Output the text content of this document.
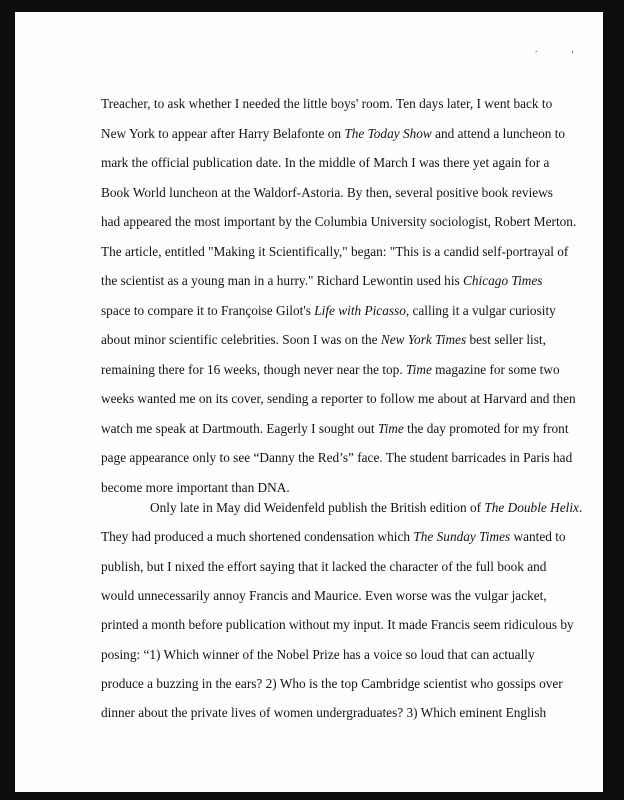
. ,
Treacher, to ask whether I needed the little boys' room. Ten days later, I went back to
New York to appear after Harry Belafonte on The Today Show and attend a luncheon to
mark the official publication date. In the middle of March I was there yet again for a
Book World luncheon at the Waldorf-Astoria. By then, several positive book reviews
had appeared the most important by the Columbia University sociologist, Robert Merton.
The article, entitled "Making it Scientifically," began: "This is a candid self-portrayal of
the scientist as a young man in a hurry." Richard Lewontin used his Chicago Times
space to compare it to Françoise Gilot's Life with Picasso, calling it a vulgar curiosity
about minor scientific celebrities. Soon I was on the New York Times best seller list,
remaining there for 16 weeks, though never near the top. Time magazine for some two
weeks wanted me on its cover, sending a reporter to follow me about at Harvard and then
watch me speak at Dartmouth. Eagerly I sought out Time the day promoted for my front
page appearance only to see “Danny the Red’s” face. The student barricades in Paris had
become more important than DNA.
Only late in May did Weidenfeld publish the British edition of The Double Helix.
They had produced a much shortened condensation which The Sunday Times wanted to
publish, but I nixed the effort saying that it lacked the character of the full book and
would unnecessarily annoy Francis and Maurice. Even worse was the vulgar jacket,
printed a month before publication without my input. It made Francis seem ridiculous by
posing: “1) Which winner of the Nobel Prize has a voice so loud that can actually
produce a buzzing in the ears? 2) Who is the top Cambridge scientist who gossips over
dinner about the private lives of women undergraduates? 3) Which eminent English
